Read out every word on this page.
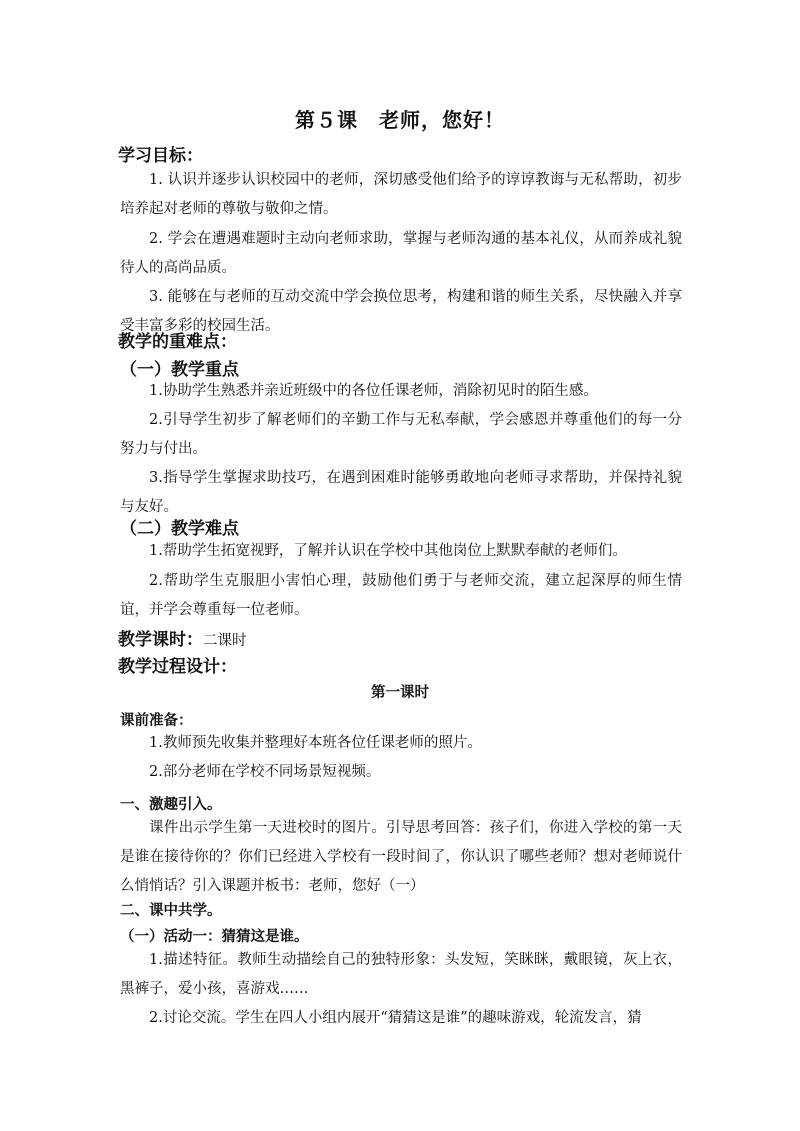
第５课　老师，您好！
学习目标：

1. 认识并逐步认识校园中的老师，深切感受他们给予的谆谆教诲与无私帮助，初步培养起对老师的尊敬与敬仰之情。

2. 学会在遭遇难题时主动向老师求助，掌握与老师沟通的基本礼仪，从而养成礼貌待人的高尚品质。

3. 能够在与老师的互动交流中学会换位思考，构建和谐的师生关系，尽快融入并享受丰富多彩的校园生活。

教学的重难点：
（一）教学重点

1.协助学生熟悉并亲近班级中的各位任课老师，消除初见时的陌生感。

2.引导学生初步了解老师们的辛勤工作与无私奉献，学会感恩并尊重他们的每一分努力与付出。

3.指导学生掌握求助技巧，在遇到困难时能够勇敢地向老师寻求帮助，并保持礼貌与友好。

（二）教学难点

1.帮助学生拓宽视野，了解并认识在学校中其他岗位上默默奉献的老师们。

2.帮助学生克服胆小害怕心理，鼓励他们勇于与老师交流，建立起深厚的师生情谊，并学会尊重每一位老师。

教学课时：二课时
教学过程设计：
第一课时
课前准备：

1.教师预先收集并整理好本班各位任课老师的照片。

2.部分老师在学校不同场景短视频。

一、激趣引入。

课件出示学生第一天进校时的图片。引导思考回答：孩子们，你进入学校的第一天是谁在接待你的？你们已经进入学校有一段时间了，你认识了哪些老师？想对老师说什么悄悄话？引入课题并板书：老师，您好（一）

二、课中共学。
（一）活动一：猜猜这是谁。

1.描述特征。教师生动描绘自己的独特形象：头发短，笑眯眯，戴眼镜，灰上衣，黑裤子，爱小孩，喜游戏……

2.讨论交流。学生在四人小组内展开“猜猜这是谁”的趣味游戏，轮流发言，猜
